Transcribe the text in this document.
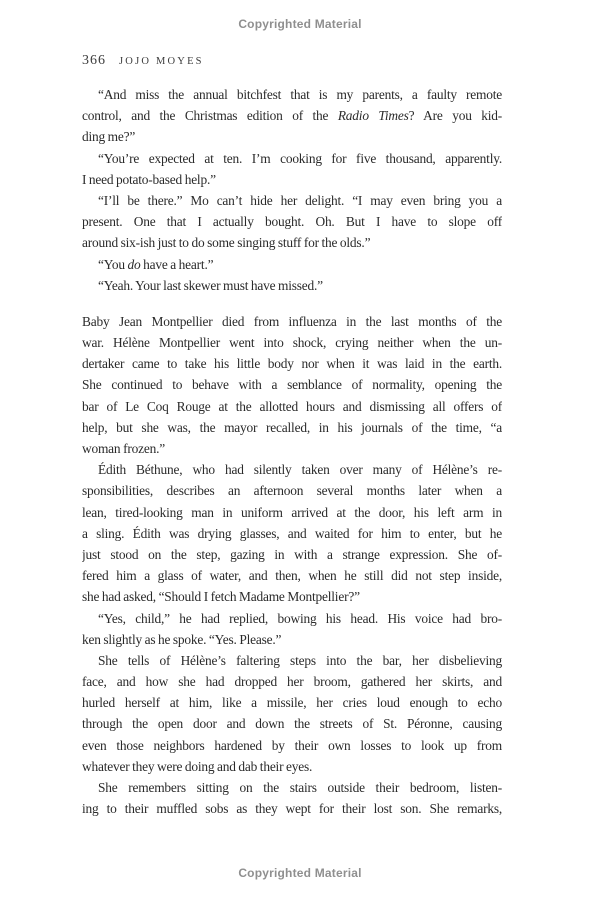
Copyrighted Material
366 JOJO MOYES
“And miss the annual bitchfest that is my parents, a faulty remote
control, and the Christmas edition of the Radio Times? Are you kid-
ding me?”
“You’re expected at ten. I’m cooking for five thousand, apparently.
I need potato-based help.”
“I’ll be there.” Mo can’t hide her delight. “I may even bring you a
present. One that I actually bought. Oh. But I have to slope off
around six-ish just to do some singing stuff for the olds.”
“You do have a heart.”
“Yeah. Your last skewer must have missed.”
Baby Jean Montpellier died from influenza in the last months of the
war. Hélène Montpellier went into shock, crying neither when the un-
dertaker came to take his little body nor when it was laid in the earth.
She continued to behave with a semblance of normality, opening the
bar of Le Coq Rouge at the allotted hours and dismissing all offers of
help, but she was, the mayor recalled, in his journals of the time, “a
woman frozen.”
Édith Béthune, who had silently taken over many of Hélène’s re-
sponsibilities, describes an afternoon several months later when a
lean, tired-looking man in uniform arrived at the door, his left arm in
a sling. Édith was drying glasses, and waited for him to enter, but he
just stood on the step, gazing in with a strange expression. She of-
fered him a glass of water, and then, when he still did not step inside,
she had asked, “Should I fetch Madame Montpellier?”
“Yes, child,” he had replied, bowing his head. His voice had bro-
ken slightly as he spoke. “Yes. Please.”
She tells of Hélène’s faltering steps into the bar, her disbelieving
face, and how she had dropped her broom, gathered her skirts, and
hurled herself at him, like a missile, her cries loud enough to echo
through the open door and down the streets of St. Péronne, causing
even those neighbors hardened by their own losses to look up from
whatever they were doing and dab their eyes.
She remembers sitting on the stairs outside their bedroom, listen-
ing to their muffled sobs as they wept for their lost son. She remarks,
Copyrighted Material
